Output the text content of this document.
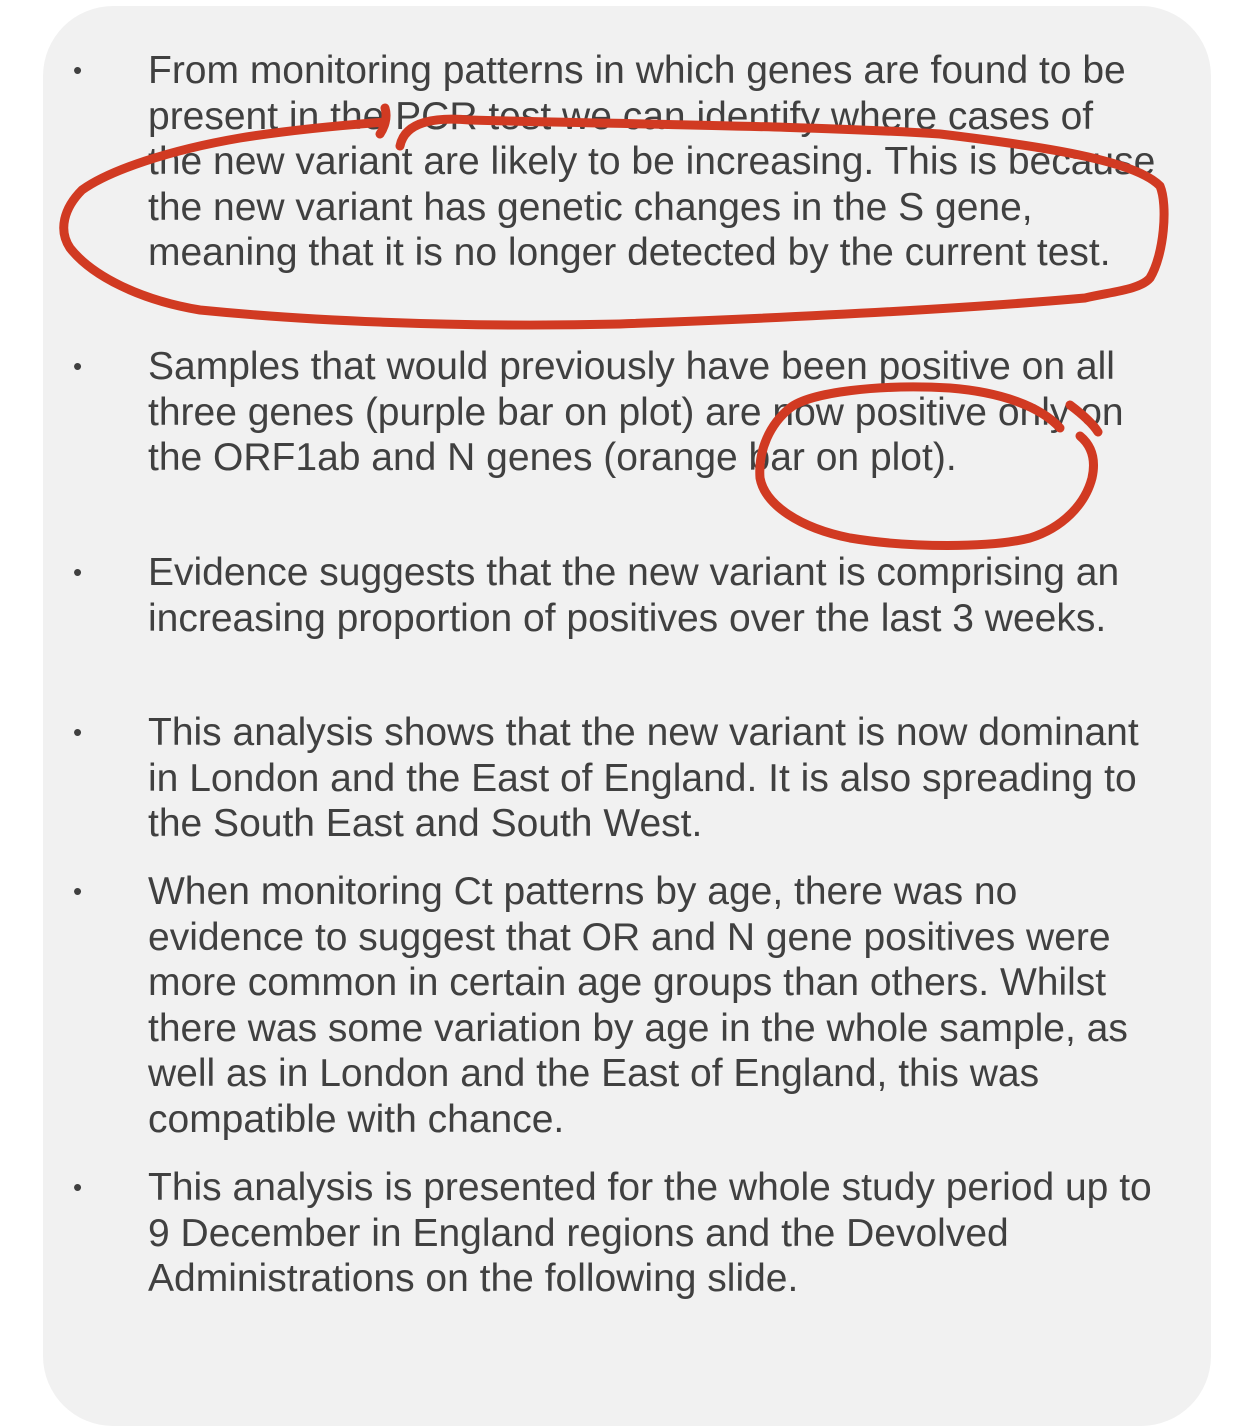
• From monitoring patterns in which genes are found to be present in the PCR test we can identify where cases of the new variant are likely to be increasing. This is because the new variant has genetic changes in the S gene, meaning that it is no longer detected by the current test.
• Samples that would previously have been positive on all three genes (purple bar on plot) are now positive only on the ORF1ab and N genes (orange bar on plot).
• Evidence suggests that the new variant is comprising an increasing proportion of positives over the last 3 weeks.
• This analysis shows that the new variant is now dominant in London and the East of England. It is also spreading to the South East and South West.
• When monitoring Ct patterns by age, there was no evidence to suggest that OR and N gene positives were more common in certain age groups than others. Whilst there was some variation by age in the whole sample, as well as in London and the East of England, this was compatible with chance.
• This analysis is presented for the whole study period up to 9 December in England regions and the Devolved Administrations on the following slide.
